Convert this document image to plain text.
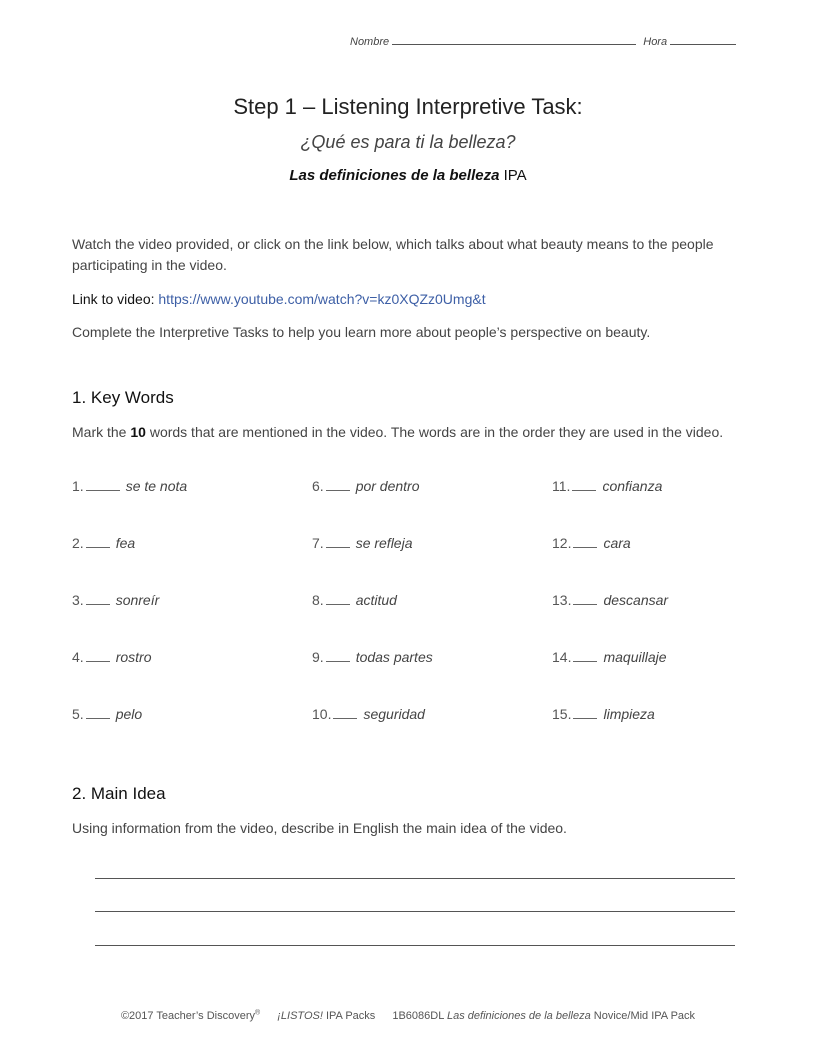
Nombre	Hora
Step 1 – Listening Interpretive Task:
¿Qué es para ti la belleza?
Las definiciones de la belleza IPA
Watch the video provided, or click on the link below, which talks about what beauty means to the people participating in the video.
Link to video: https://www.youtube.com/watch?v=kz0XQZz0Umg&t
Complete the Interpretive Tasks to help you learn more about people’s perspective on beauty.
1. Key Words
Mark the 10 words that are mentioned in the video. The words are in the order they are used in the video.
1.	se te nota
2. fea
3. sonreír
4. rostro
5. pelo
6. por dentro
7. se refleja
8. actitud
9. todas partes
10. seguridad
11. confianza
12. cara
13. descansar
14. maquillaje
15. limpieza
2. Main Idea
Using information from the video, describe in English the main idea of the video.
©2017 Teacher’s Discovery® ¡LISTOS! IPA Packs 1B6086DL Las definiciones de la belleza Novice/Mid IPA Pack
